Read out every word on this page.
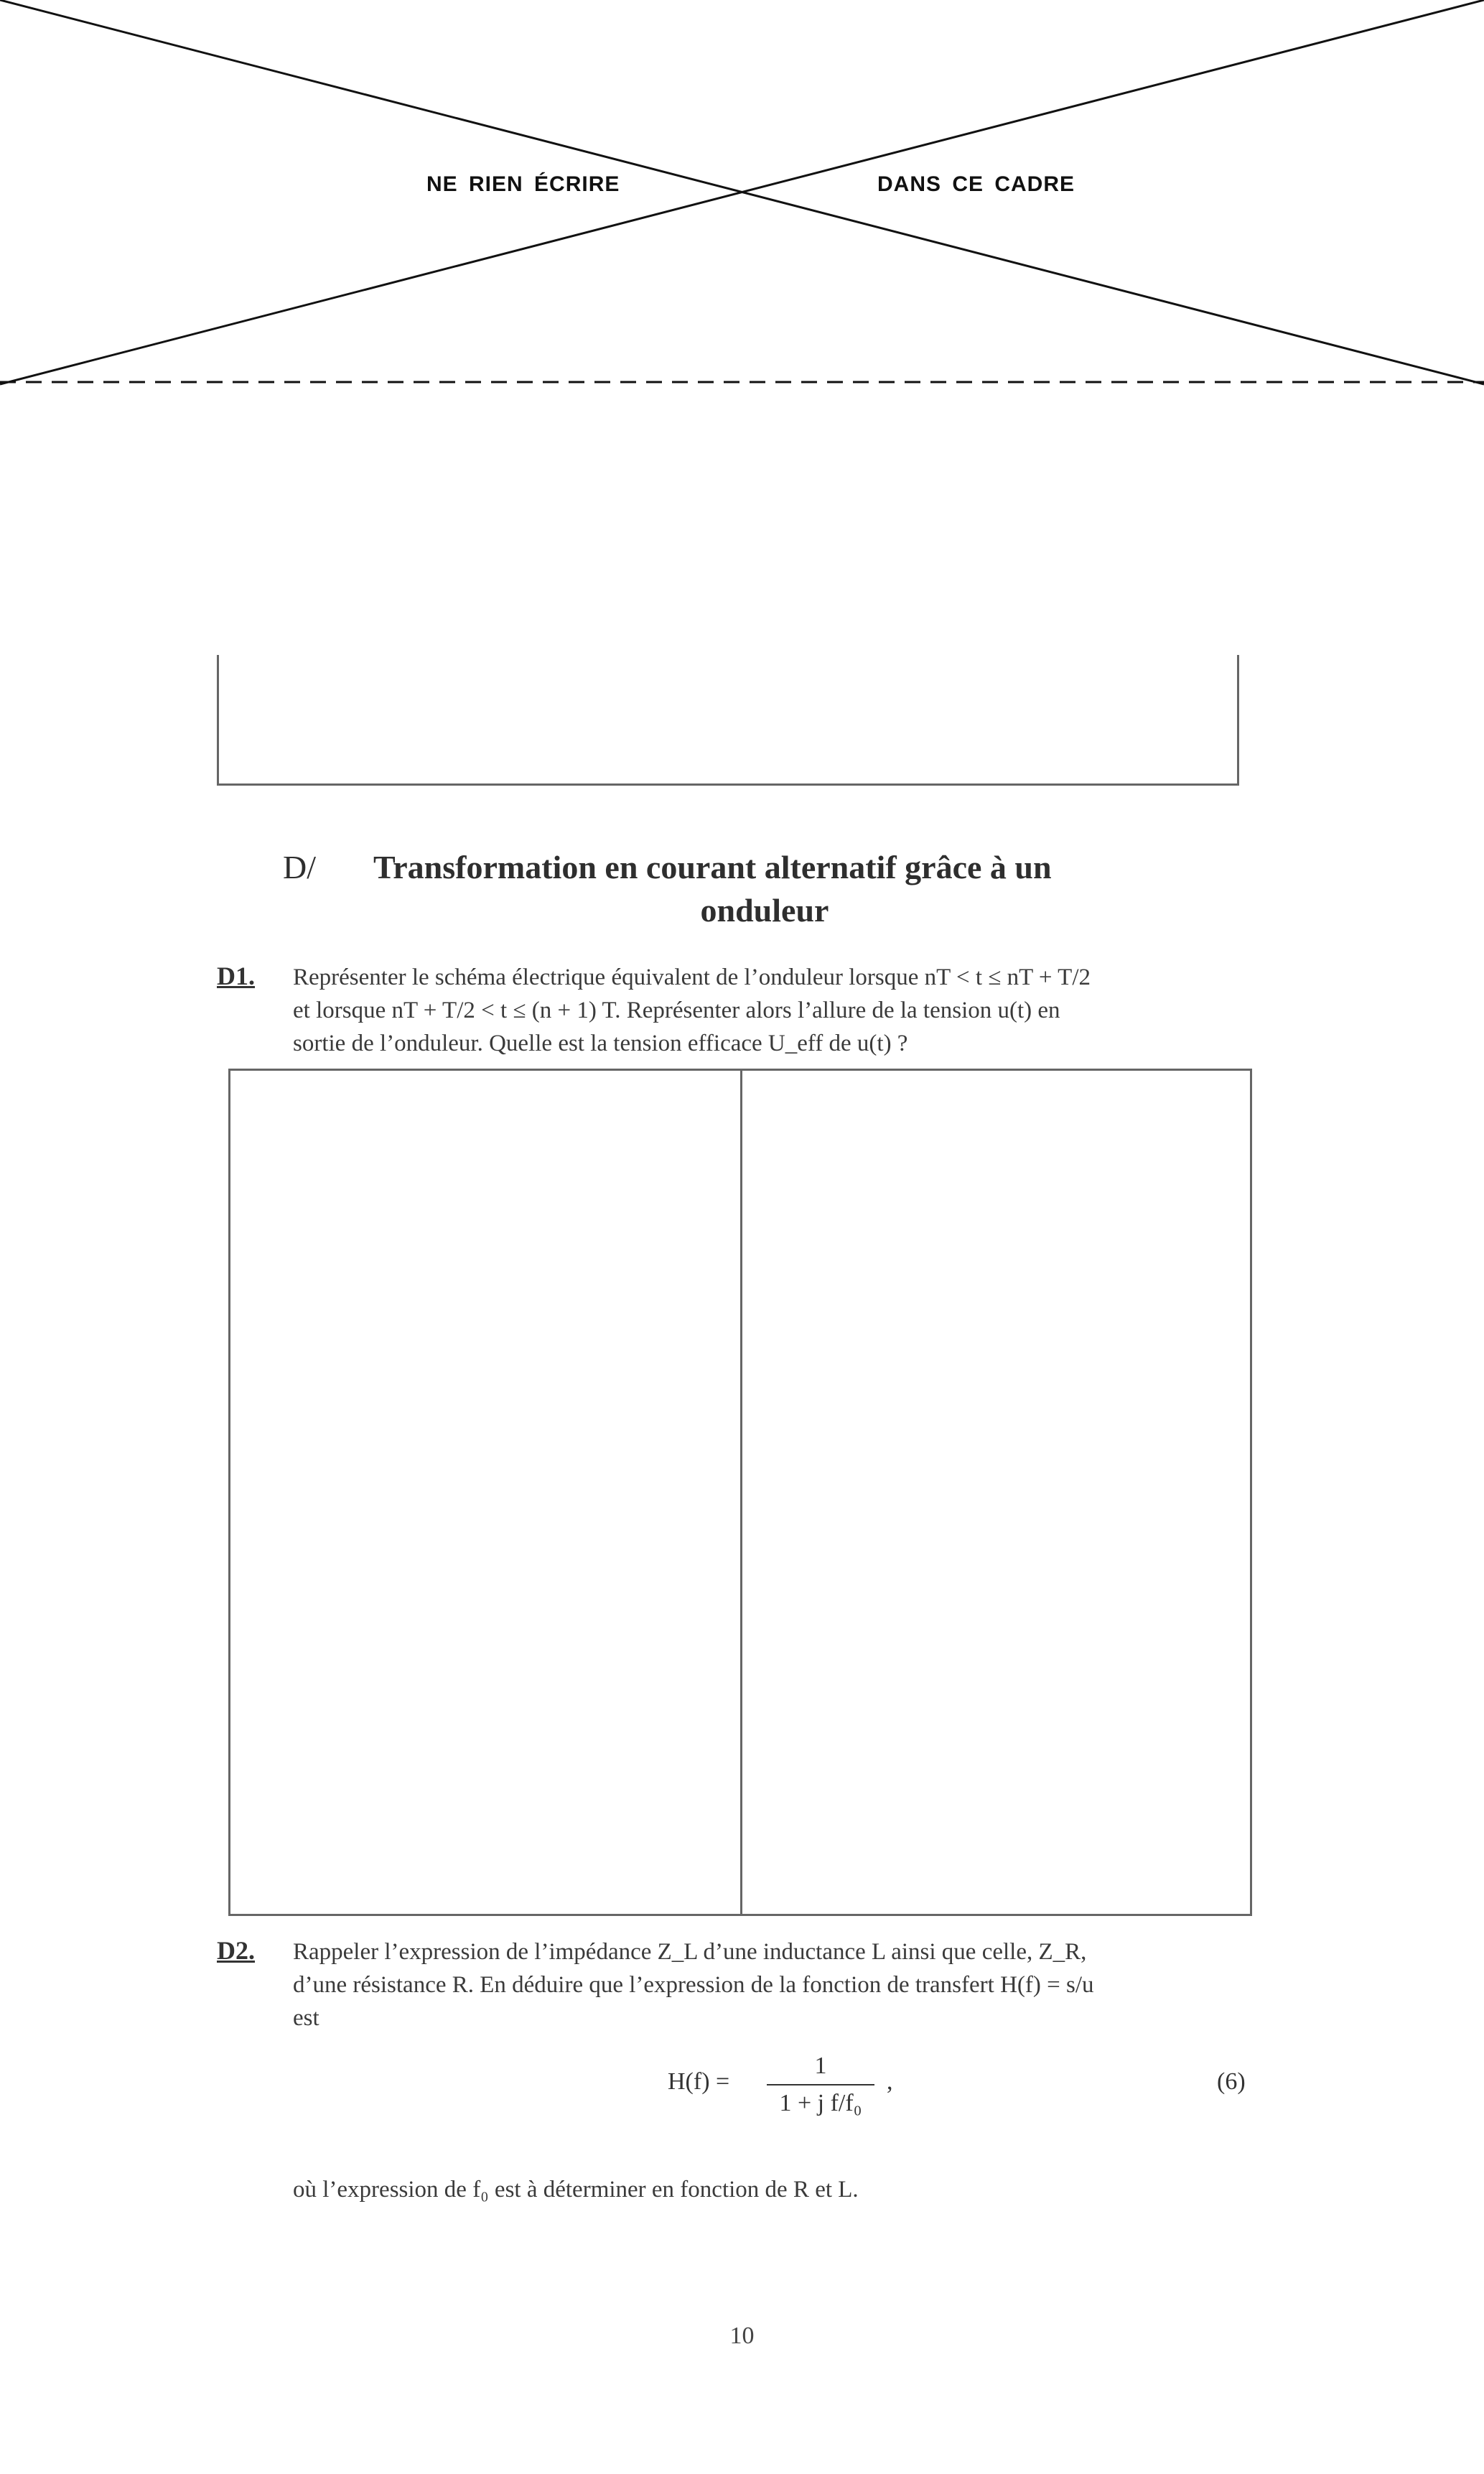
NE RIEN ÉCRIRE	DANS CE CADRE
D/ Transformation en courant alternatif grâce à un
onduleur
D1. Représenter le schéma électrique équivalent de l’onduleur lorsque nT < t ≤ nT + T/2
et lorsque nT + T/2 < t ≤ (n + 1) T. Représenter alors l’allure de la tension u(t) en
sortie de l’onduleur. Quelle est la tension efficace U_eff de u(t) ?
D2. Rappeler l’expression de l’impédance Z_L d’une inductance L ainsi que celle, Z_R,
d’une résistance R. En déduire que l’expression de la fonction de transfert H(f) = s/u
est
H(f) =
1
1 + j f/f₀
,	(6)
où l’expression de f₀ est à déterminer en fonction de R et L.
10
